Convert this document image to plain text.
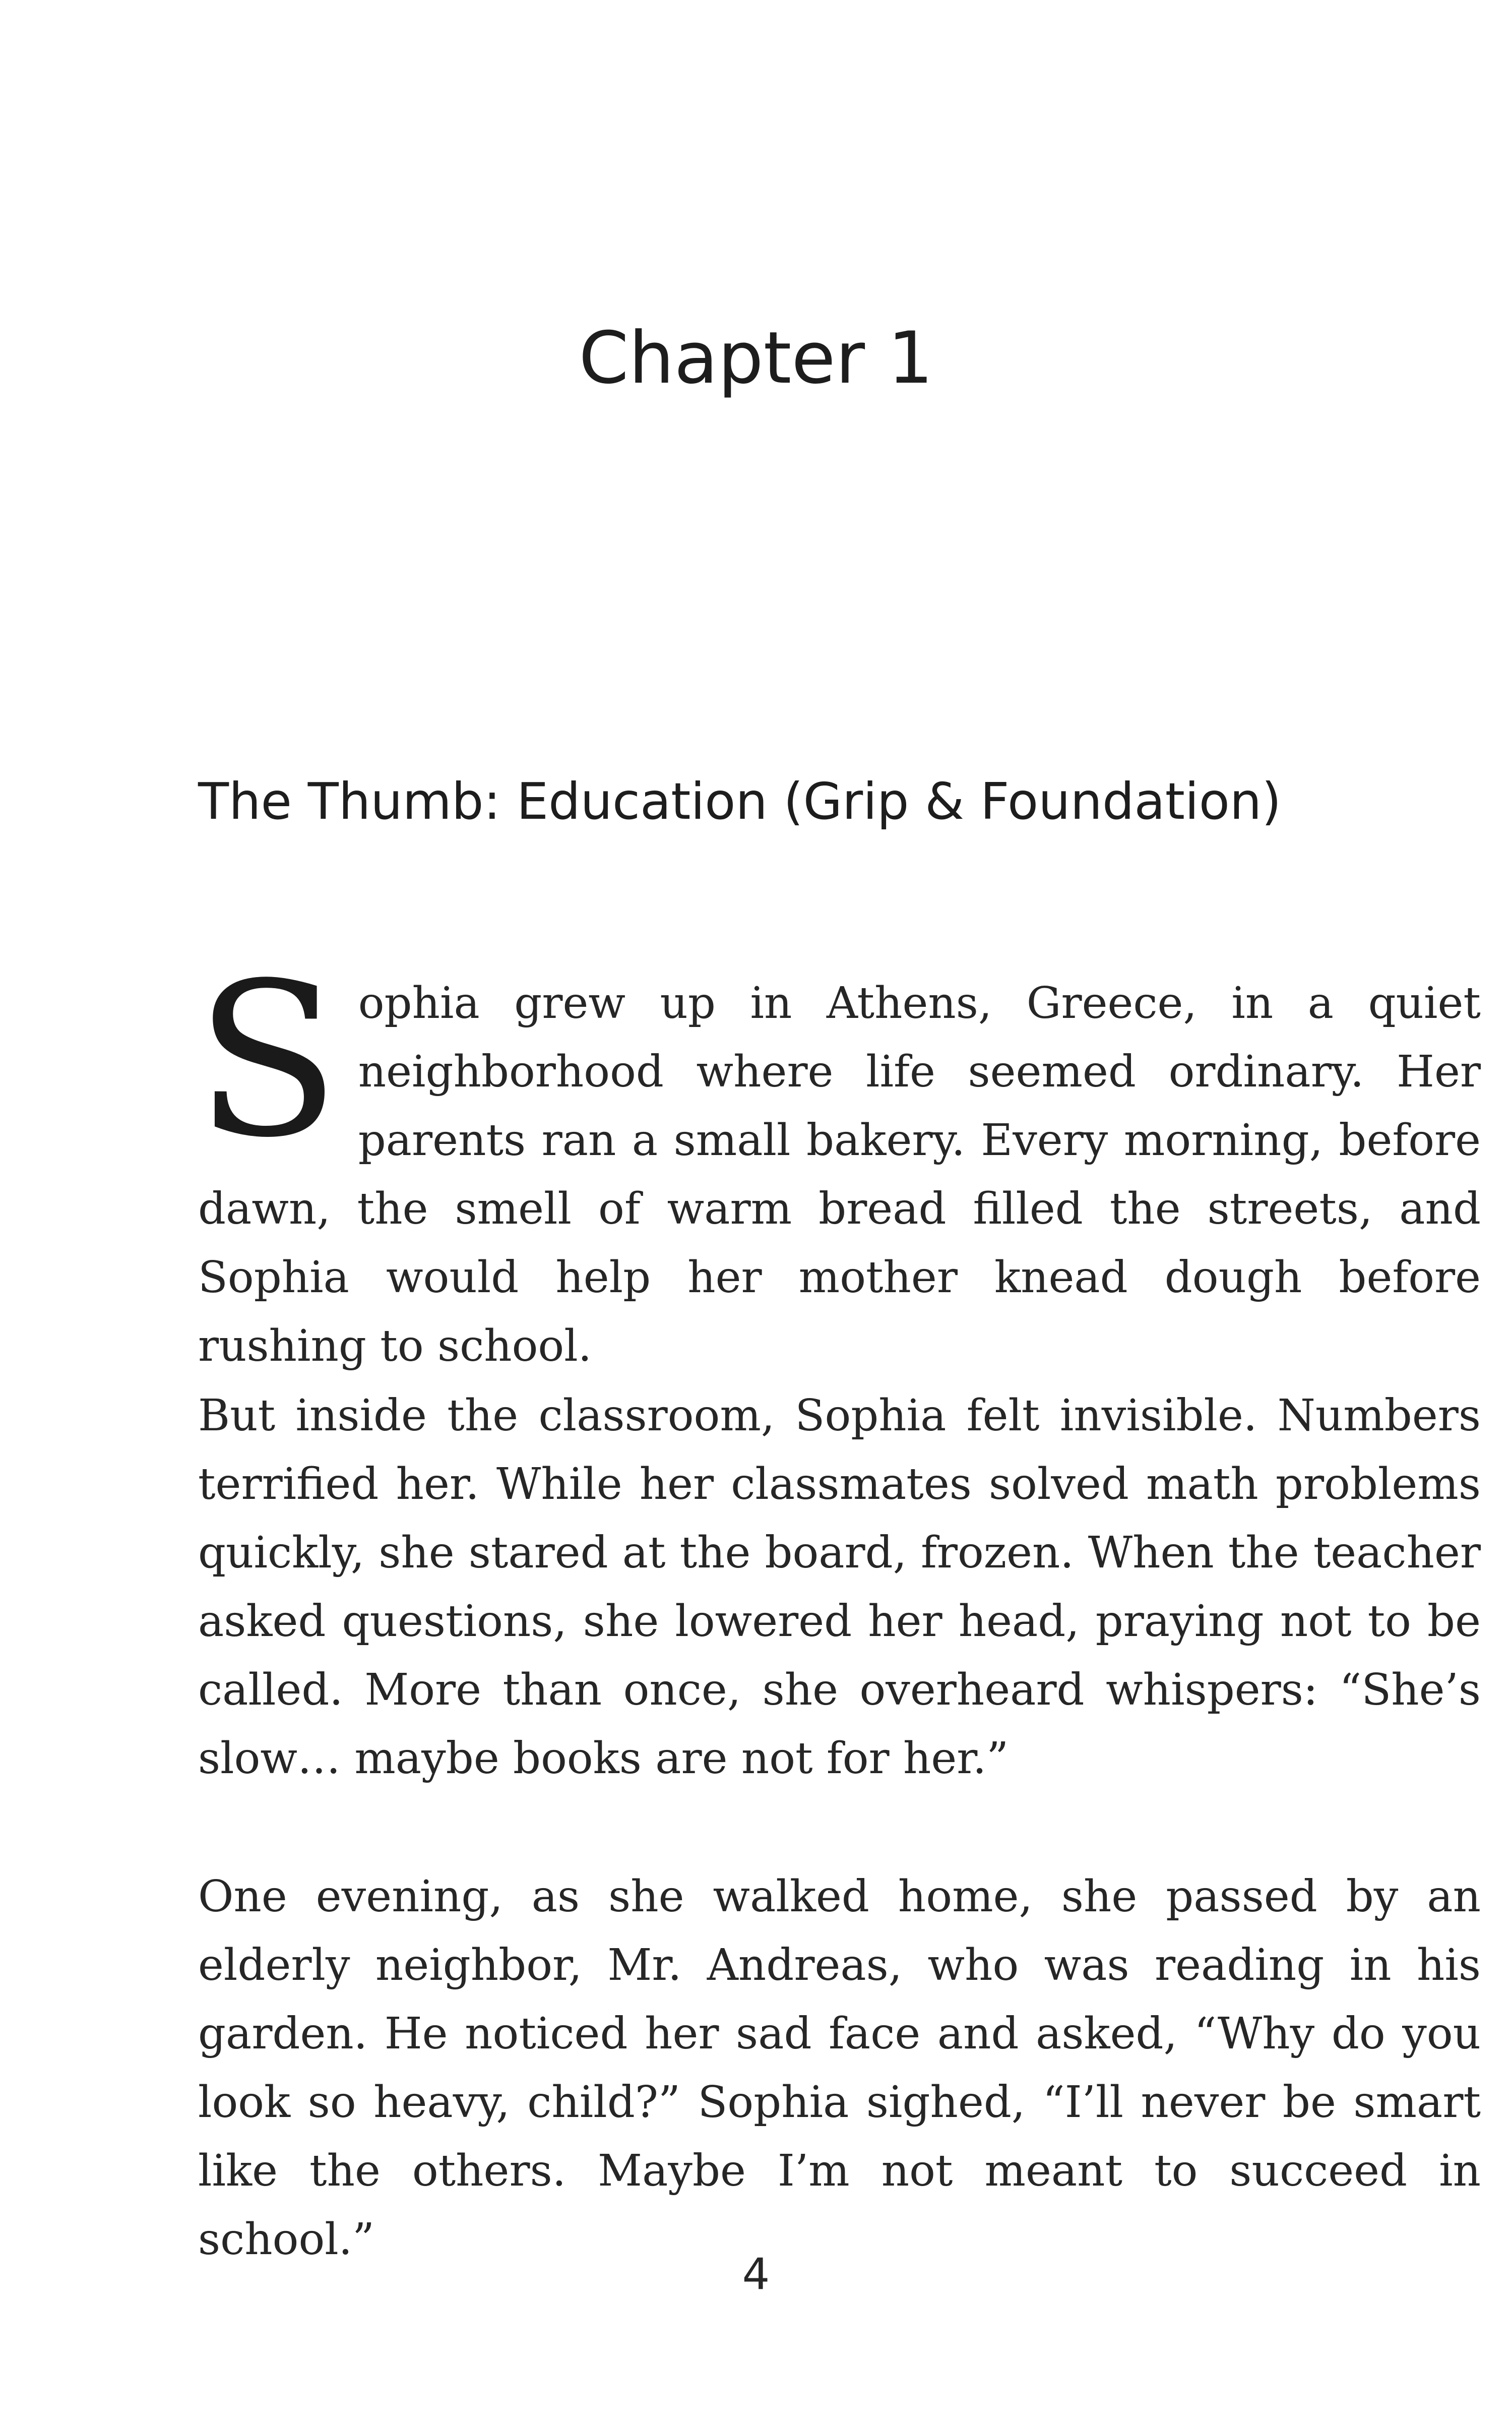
Chapter 1
The Thumb: Education (Grip & Foundation)

Sophia grew up in Athens, Greece, in a quiet neighborhood where life seemed ordinary. Her parents ran a small bakery. Every morning, before dawn, the smell of warm bread filled the streets, and Sophia would help her mother knead dough before rushing to school.

But inside the classroom, Sophia felt invisible. Numbers terrified her. While her classmates solved math problems quickly, she stared at the board, frozen. When the teacher asked questions, she lowered her head, praying not to be called. More than once, she overheard whispers: “She’s slow… maybe books are not for her.”

One evening, as she walked home, she passed by an elderly neighbor, Mr. Andreas, who was reading in his garden. He noticed her sad face and asked, “Why do you look so heavy, child?” Sophia sighed, “I’ll never be smart like the others. Maybe I’m not meant to succeed in school.”

4
